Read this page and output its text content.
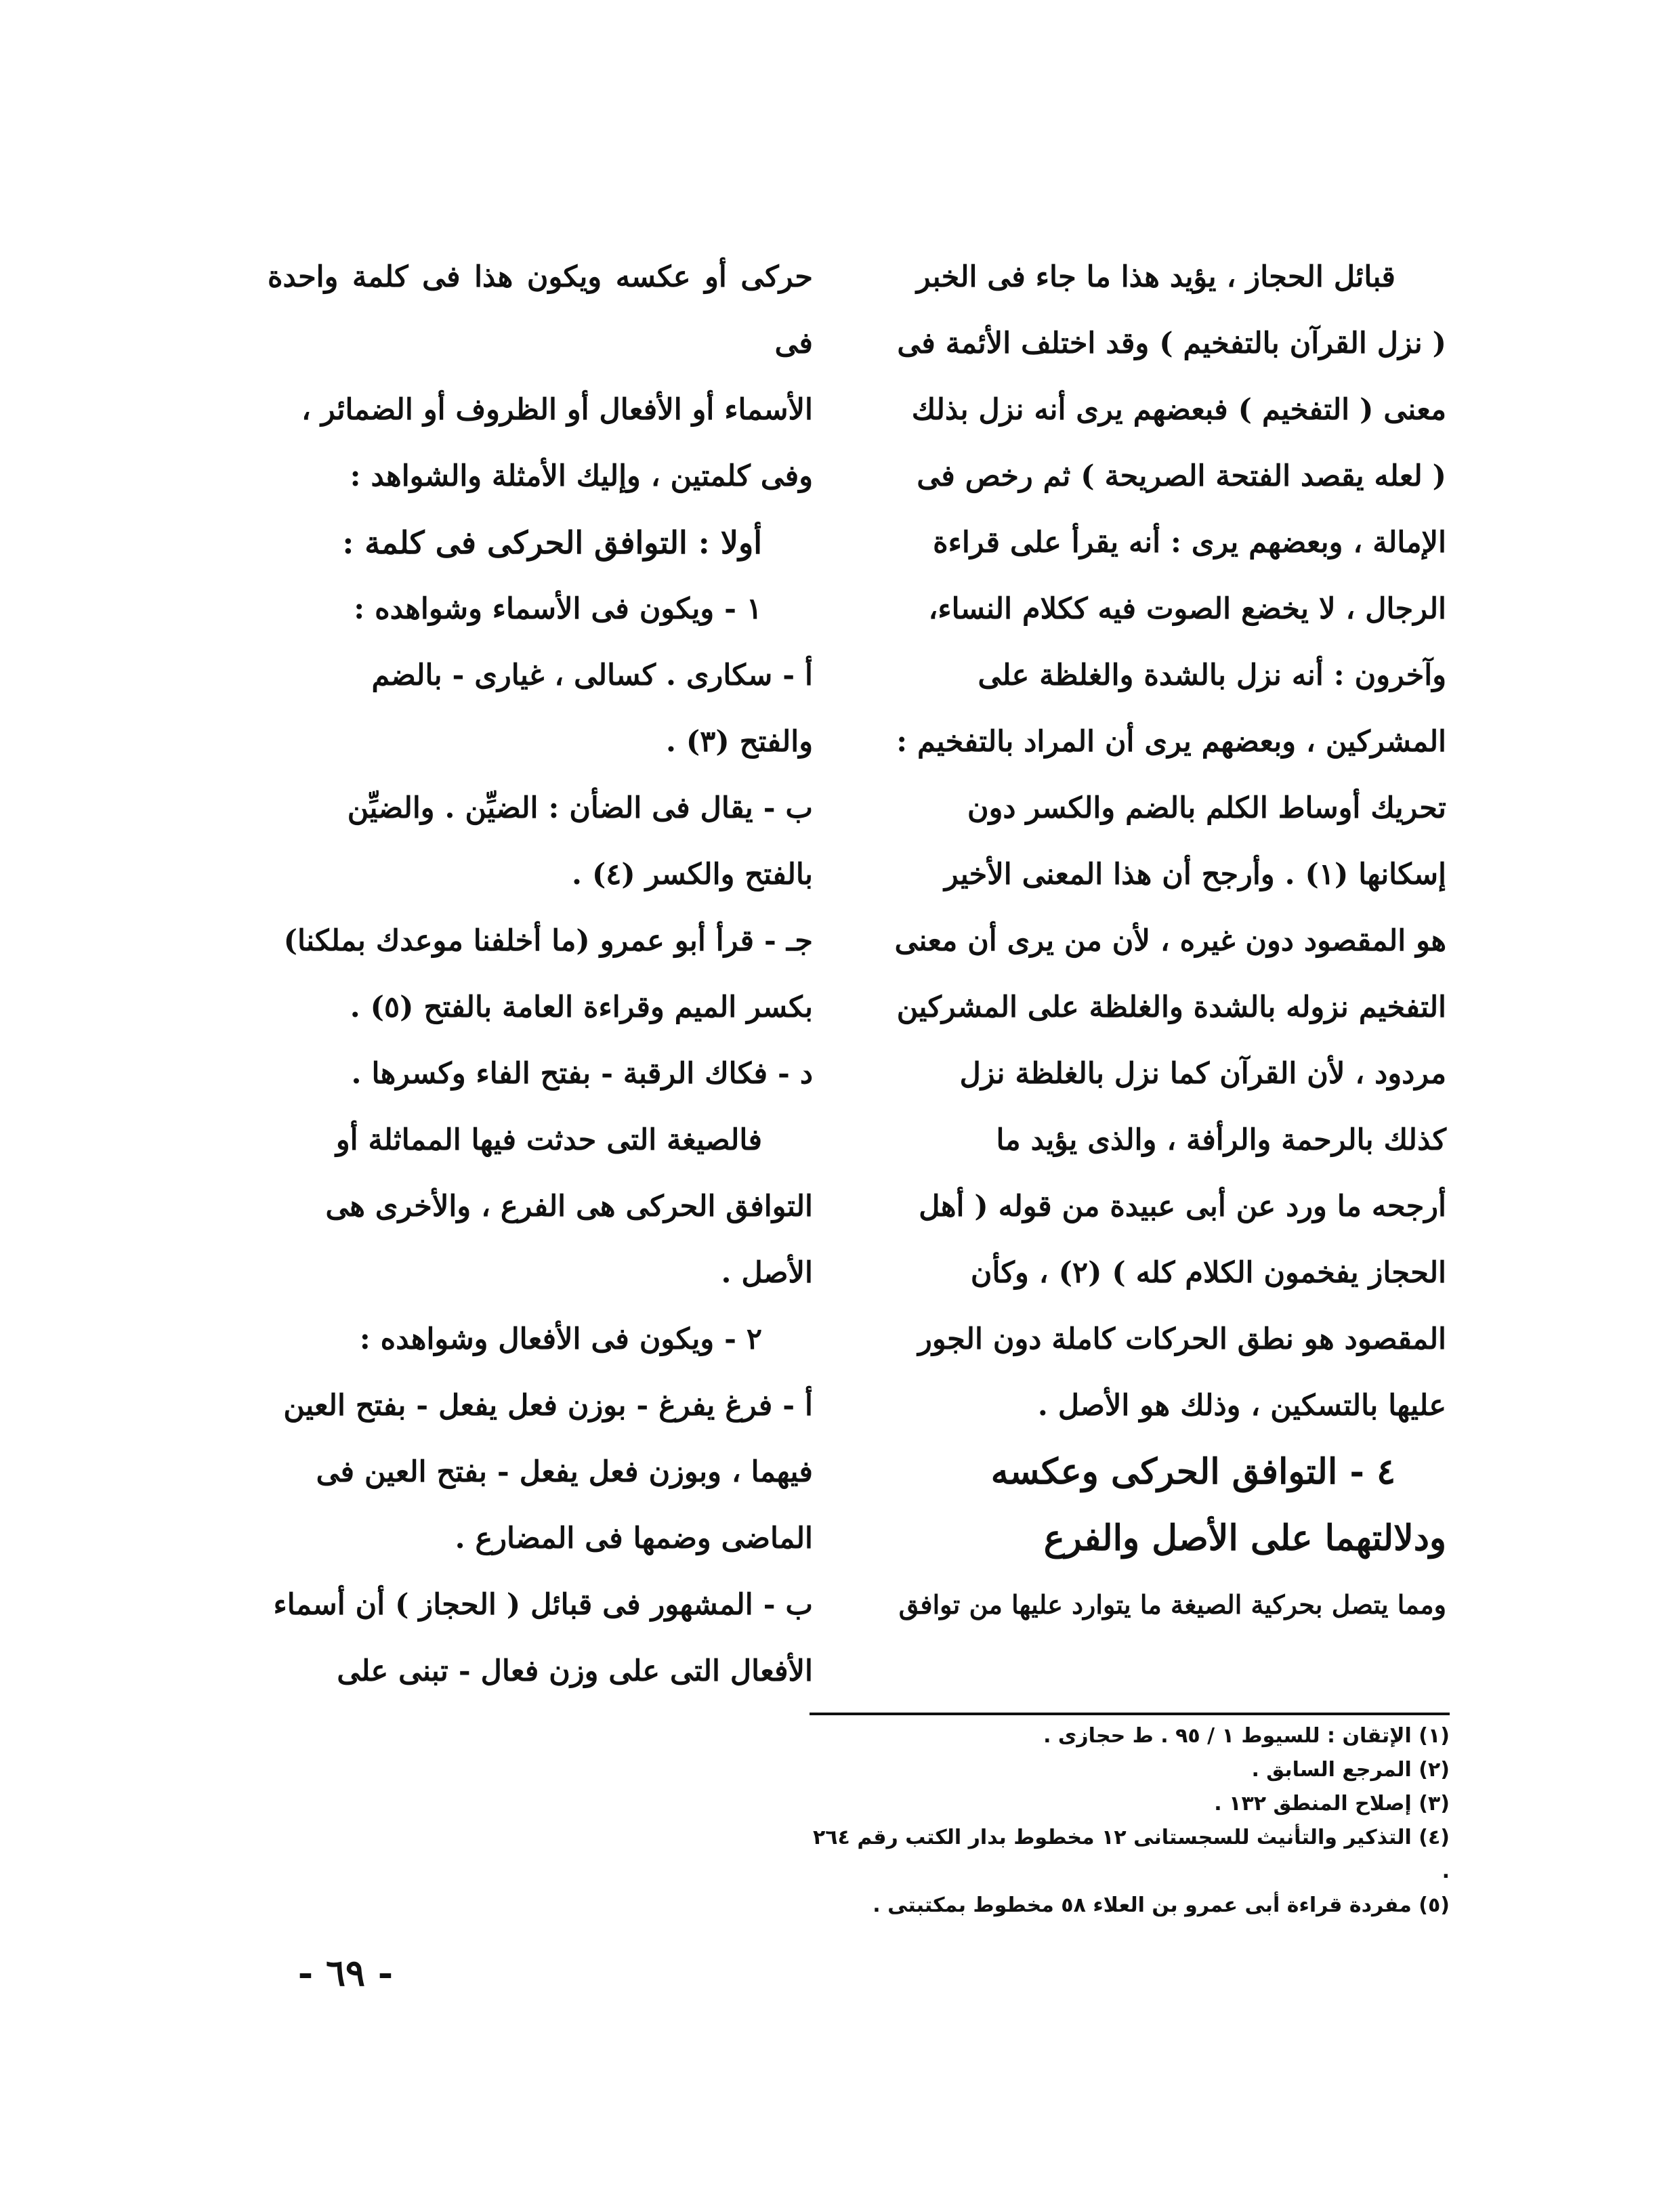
قبائل الحجاز ، يؤيد هذا ما جاء فى الخبر

( نزل القرآن بالتفخيم ) وقد اختلف الأئمة فى

معنى ( التفخيم ) فبعضهم يرى أنه نزل بذلك

( لعله يقصد الفتحة الصريحة ) ثم رخص فى

الإمالة ، وبعضهم يرى : أنه يقرأ على قراءة

الرجال ، لا يخضع الصوت فيه ككلام النساء،

وآخرون : أنه نزل بالشدة والغلظة على

المشركين ، وبعضهم يرى أن المراد بالتفخيم :

تحريك أوساط الكلم بالضم والكسر دون

إسكانها (١) . وأرجح أن هذا المعنى الأخير

هو المقصود دون غيره ، لأن من يرى أن معنى

التفخيم نزوله بالشدة والغلظة على المشركين

مردود ، لأن القرآن كما نزل بالغلظة نزل

كذلك بالرحمة والرأفة ، والذى يؤيد ما

أرجحه ما ورد عن أبى عبيدة من قوله ( أهل

الحجاز يفخمون الكلام كله ) (٢) ، وكأن

المقصود هو نطق الحركات كاملة دون الجور

عليها بالتسكين ، وذلك هو الأصل .

٤ - التوافق الحركى وعكسه

ودلالتهما على الأصل والفرع

ومما يتصل بحركية الصيغة ما يتوارد عليها من توافق

حركى أو عكسه ويكون هذا فى كلمة واحدة فى

الأسماء أو الأفعال أو الظروف أو الضمائر ،

وفى كلمتين ، وإليك الأمثلة والشواهد :

أولا : التوافق الحركى فى كلمة :

١ - ويكون فى الأسماء وشواهده :

أ - سكارى . كسالى ، غيارى - بالضم

والفتح (٣) .

ب - يقال فى الضأن : الضيِّن . والضيِّن

بالفتح والكسر (٤) .

جـ - قرأ أبو عمرو (ما أخلفنا موعدك بملكنا)

بكسر الميم وقراءة العامة بالفتح (٥) .

د - فكاك الرقبة - بفتح الفاء وكسرها .

فالصيغة التى حدثت فيها المماثلة أو

التوافق الحركى هى الفرع ، والأخرى هى

الأصل .

٢ - ويكون فى الأفعال وشواهده :

أ - فرغ يفرغ - بوزن فعل يفعل - بفتح العين

فيهما ، وبوزن فعل يفعل - بفتح العين فى

الماضى وضمها فى المضارع .

ب - المشهور فى قبائل ( الحجاز ) أن أسماء

الأفعال التى على وزن فعال - تبنى على

(١) الإتقان : للسيوط ١ / ٩٥ . ط حجازى .

(٢) المرجع السابق .

(٣) إصلاح المنطق ١٣٢ .

(٤) التذكير والتأنيث للسجستانى ١٢ مخطوط بدار الكتب رقم ٢٦٤ .

(٥) مفردة قراءة أبى عمرو بن العلاء ٥٨ مخطوط بمكتبتى .

- ٦٩ -
